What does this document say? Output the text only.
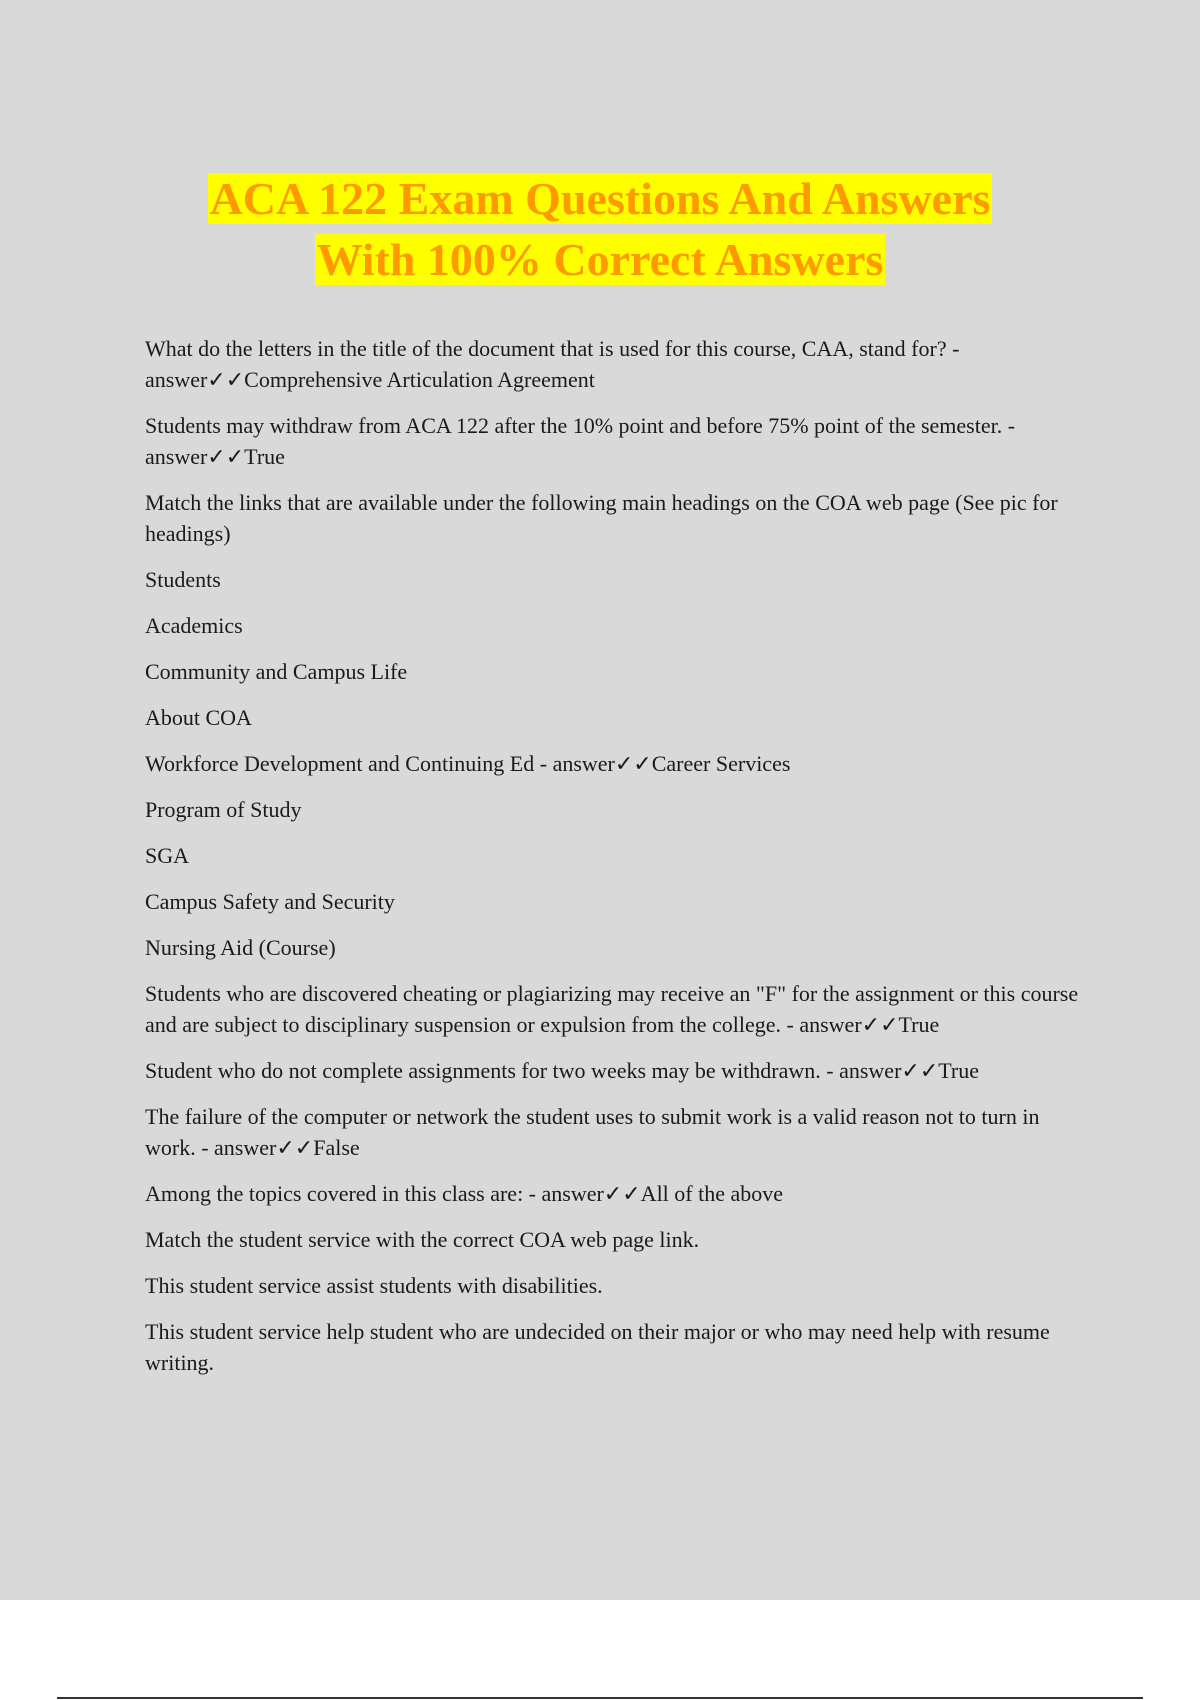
ACA 122 Exam Questions And Answers
With 100% Correct Answers

What do the letters in the title of the document that is used for this course, CAA, stand for? - answer✓✓Comprehensive Articulation Agreement

Students may withdraw from ACA 122 after the 10% point and before 75% point of the semester. - answer✓✓True

Match the links that are available under the following main headings on the COA web page (See pic for headings)

Students

Academics

Community and Campus Life

About COA

Workforce Development and Continuing Ed - answer✓✓Career Services

Program of Study

SGA

Campus Safety and Security

Nursing Aid (Course)

Students who are discovered cheating or plagiarizing may receive an "F" for the assignment or this course and are subject to disciplinary suspension or expulsion from the college. - answer✓✓True

Student who do not complete assignments for two weeks may be withdrawn. - answer✓✓True

The failure of the computer or network the student uses to submit work is a valid reason not to turn in work. - answer✓✓False

Among the topics covered in this class are: - answer✓✓All of the above

Match the student service with the correct COA web page link.

This student service assist students with disabilities.

This student service help student who are undecided on their major or who may need help with resume writing.
